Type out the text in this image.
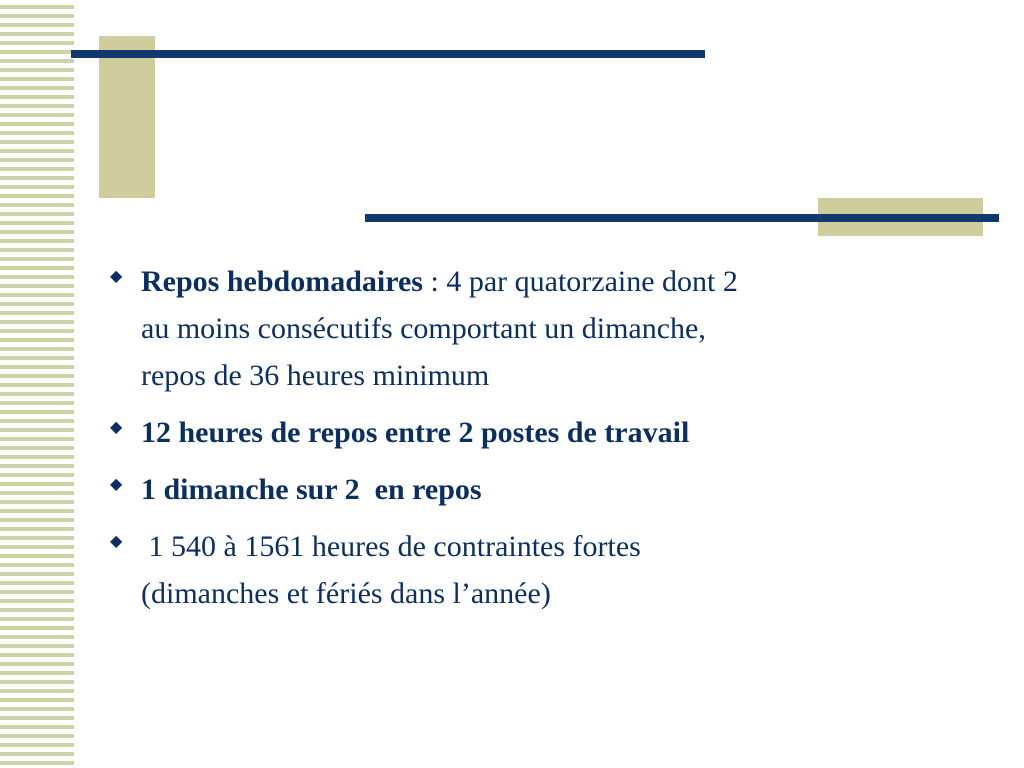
◆ Repos hebdomadaires : 4 par quatorzaine dont 2
au moins consécutifs comportant un dimanche,
repos de 36 heures minimum
◆ 12 heures de repos entre 2 postes de travail
◆ 1 dimanche sur 2  en repos
◆ 1 540 à 1561 heures de contraintes fortes
(dimanches et fériés dans l’année)
